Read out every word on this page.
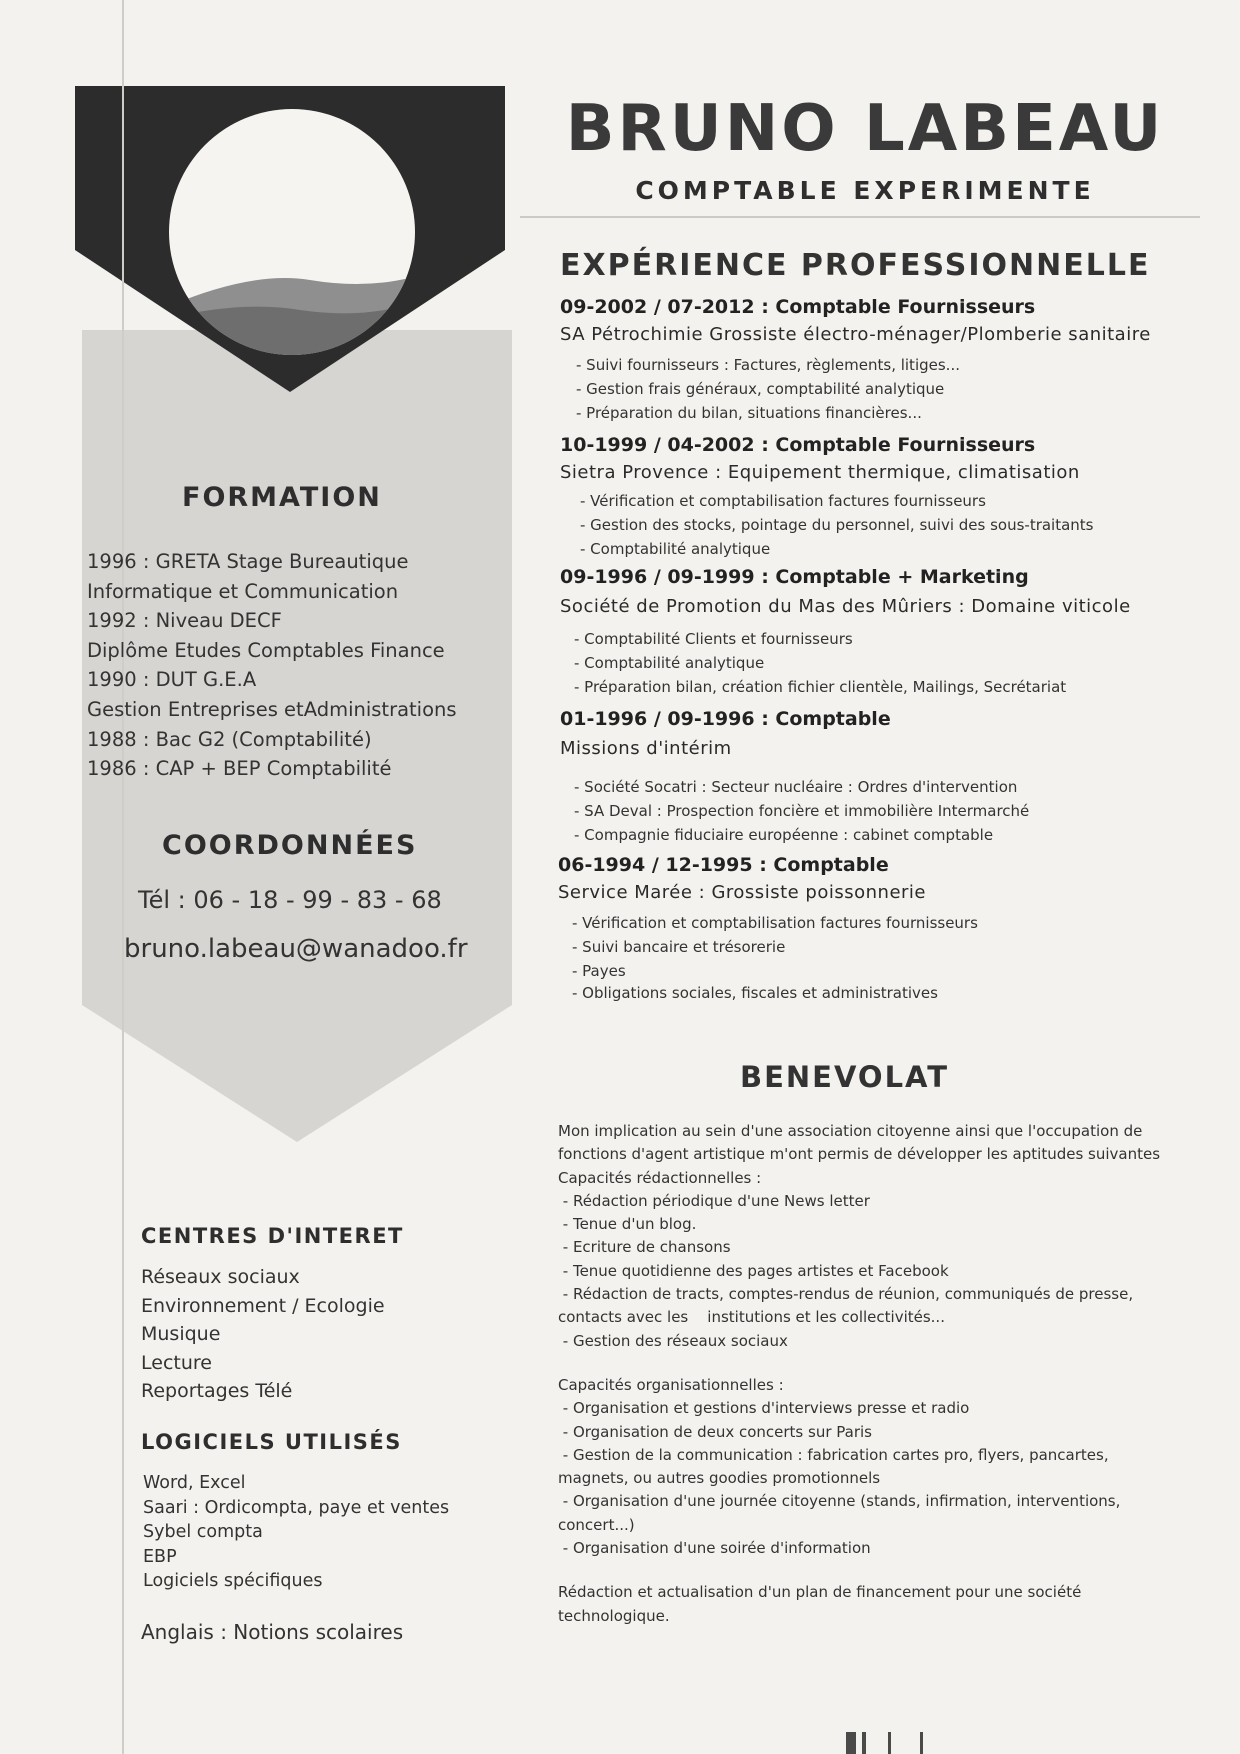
BRUNO LABEAU
COMPTABLE EXPERIMENTE
EXPÉRIENCE PROFESSIONNELLE
09-2002 / 07-2012 : Comptable Fournisseurs
SA Pétrochimie Grossiste électro-ménager/Plomberie sanitaire
- Suivi fournisseurs : Factures, règlements, litiges...
- Gestion frais généraux, comptabilité analytique
- Préparation du bilan, situations financières...
10-1999 / 04-2002 : Comptable Fournisseurs
Sietra Provence : Equipement thermique, climatisation
- Vérification et comptabilisation factures fournisseurs
- Gestion des stocks, pointage du personnel, suivi des sous-traitants
- Comptabilité analytique
09-1996 / 09-1999 : Comptable + Marketing
Société de Promotion du Mas des Mûriers : Domaine viticole
- Comptabilité Clients et fournisseurs
- Comptabilité analytique
- Préparation bilan, création fichier clientèle, Mailings, Secrétariat
01-1996 / 09-1996 : Comptable
Missions d'intérim
- Société Socatri : Secteur nucléaire : Ordres d'intervention
- SA Deval : Prospection foncière et immobilière Intermarché
- Compagnie fiduciaire européenne : cabinet comptable
06-1994 / 12-1995 : Comptable
Service Marée : Grossiste poissonnerie
- Vérification et comptabilisation factures fournisseurs
- Suivi bancaire et trésorerie
- Payes
- Obligations sociales, fiscales et administratives
FORMATION
1996 : GRETA Stage Bureautique
Informatique et Communication
1992 : Niveau DECF
Diplôme Etudes Comptables Finance
1990 : DUT G.E.A
Gestion Entreprises etAdministrations
1988 : Bac G2 (Comptabilité)
1986 : CAP + BEP Comptabilité
COORDONNÉES
Tél : 06 - 18 - 99 - 83 - 68
bruno.labeau@wanadoo.fr
CENTRES D'INTERET
Réseaux sociaux
Environnement / Ecologie
Musique
Lecture
Reportages Télé
LOGICIELS UTILISÉS
Word, Excel
Saari : Ordicompta, paye et ventes
Sybel compta
EBP
Logiciels spécifiques
Anglais : Notions scolaires
BENEVOLAT
Mon implication au sein d'une association citoyenne ainsi que l'occupation de
fonctions d'agent artistique m'ont permis de développer les aptitudes suivantes
Capacités rédactionnelles :
- Rédaction périodique d'une News letter
- Tenue d'un blog.
- Ecriture de chansons
- Tenue quotidienne des pages artistes et Facebook
- Rédaction de tracts, comptes-rendus de réunion, communiqués de presse,
contacts avec les    institutions et les collectivités...
- Gestion des réseaux sociaux
Capacités organisationnelles :
- Organisation et gestions d'interviews presse et radio
- Organisation de deux concerts sur Paris
- Gestion de la communication : fabrication cartes pro, flyers, pancartes,
magnets, ou autres goodies promotionnels
- Organisation d'une journée citoyenne (stands, infirmation, interventions,
concert...)
- Organisation d'une soirée d'information
Rédaction et actualisation d'un plan de financement pour une société
technologique.
